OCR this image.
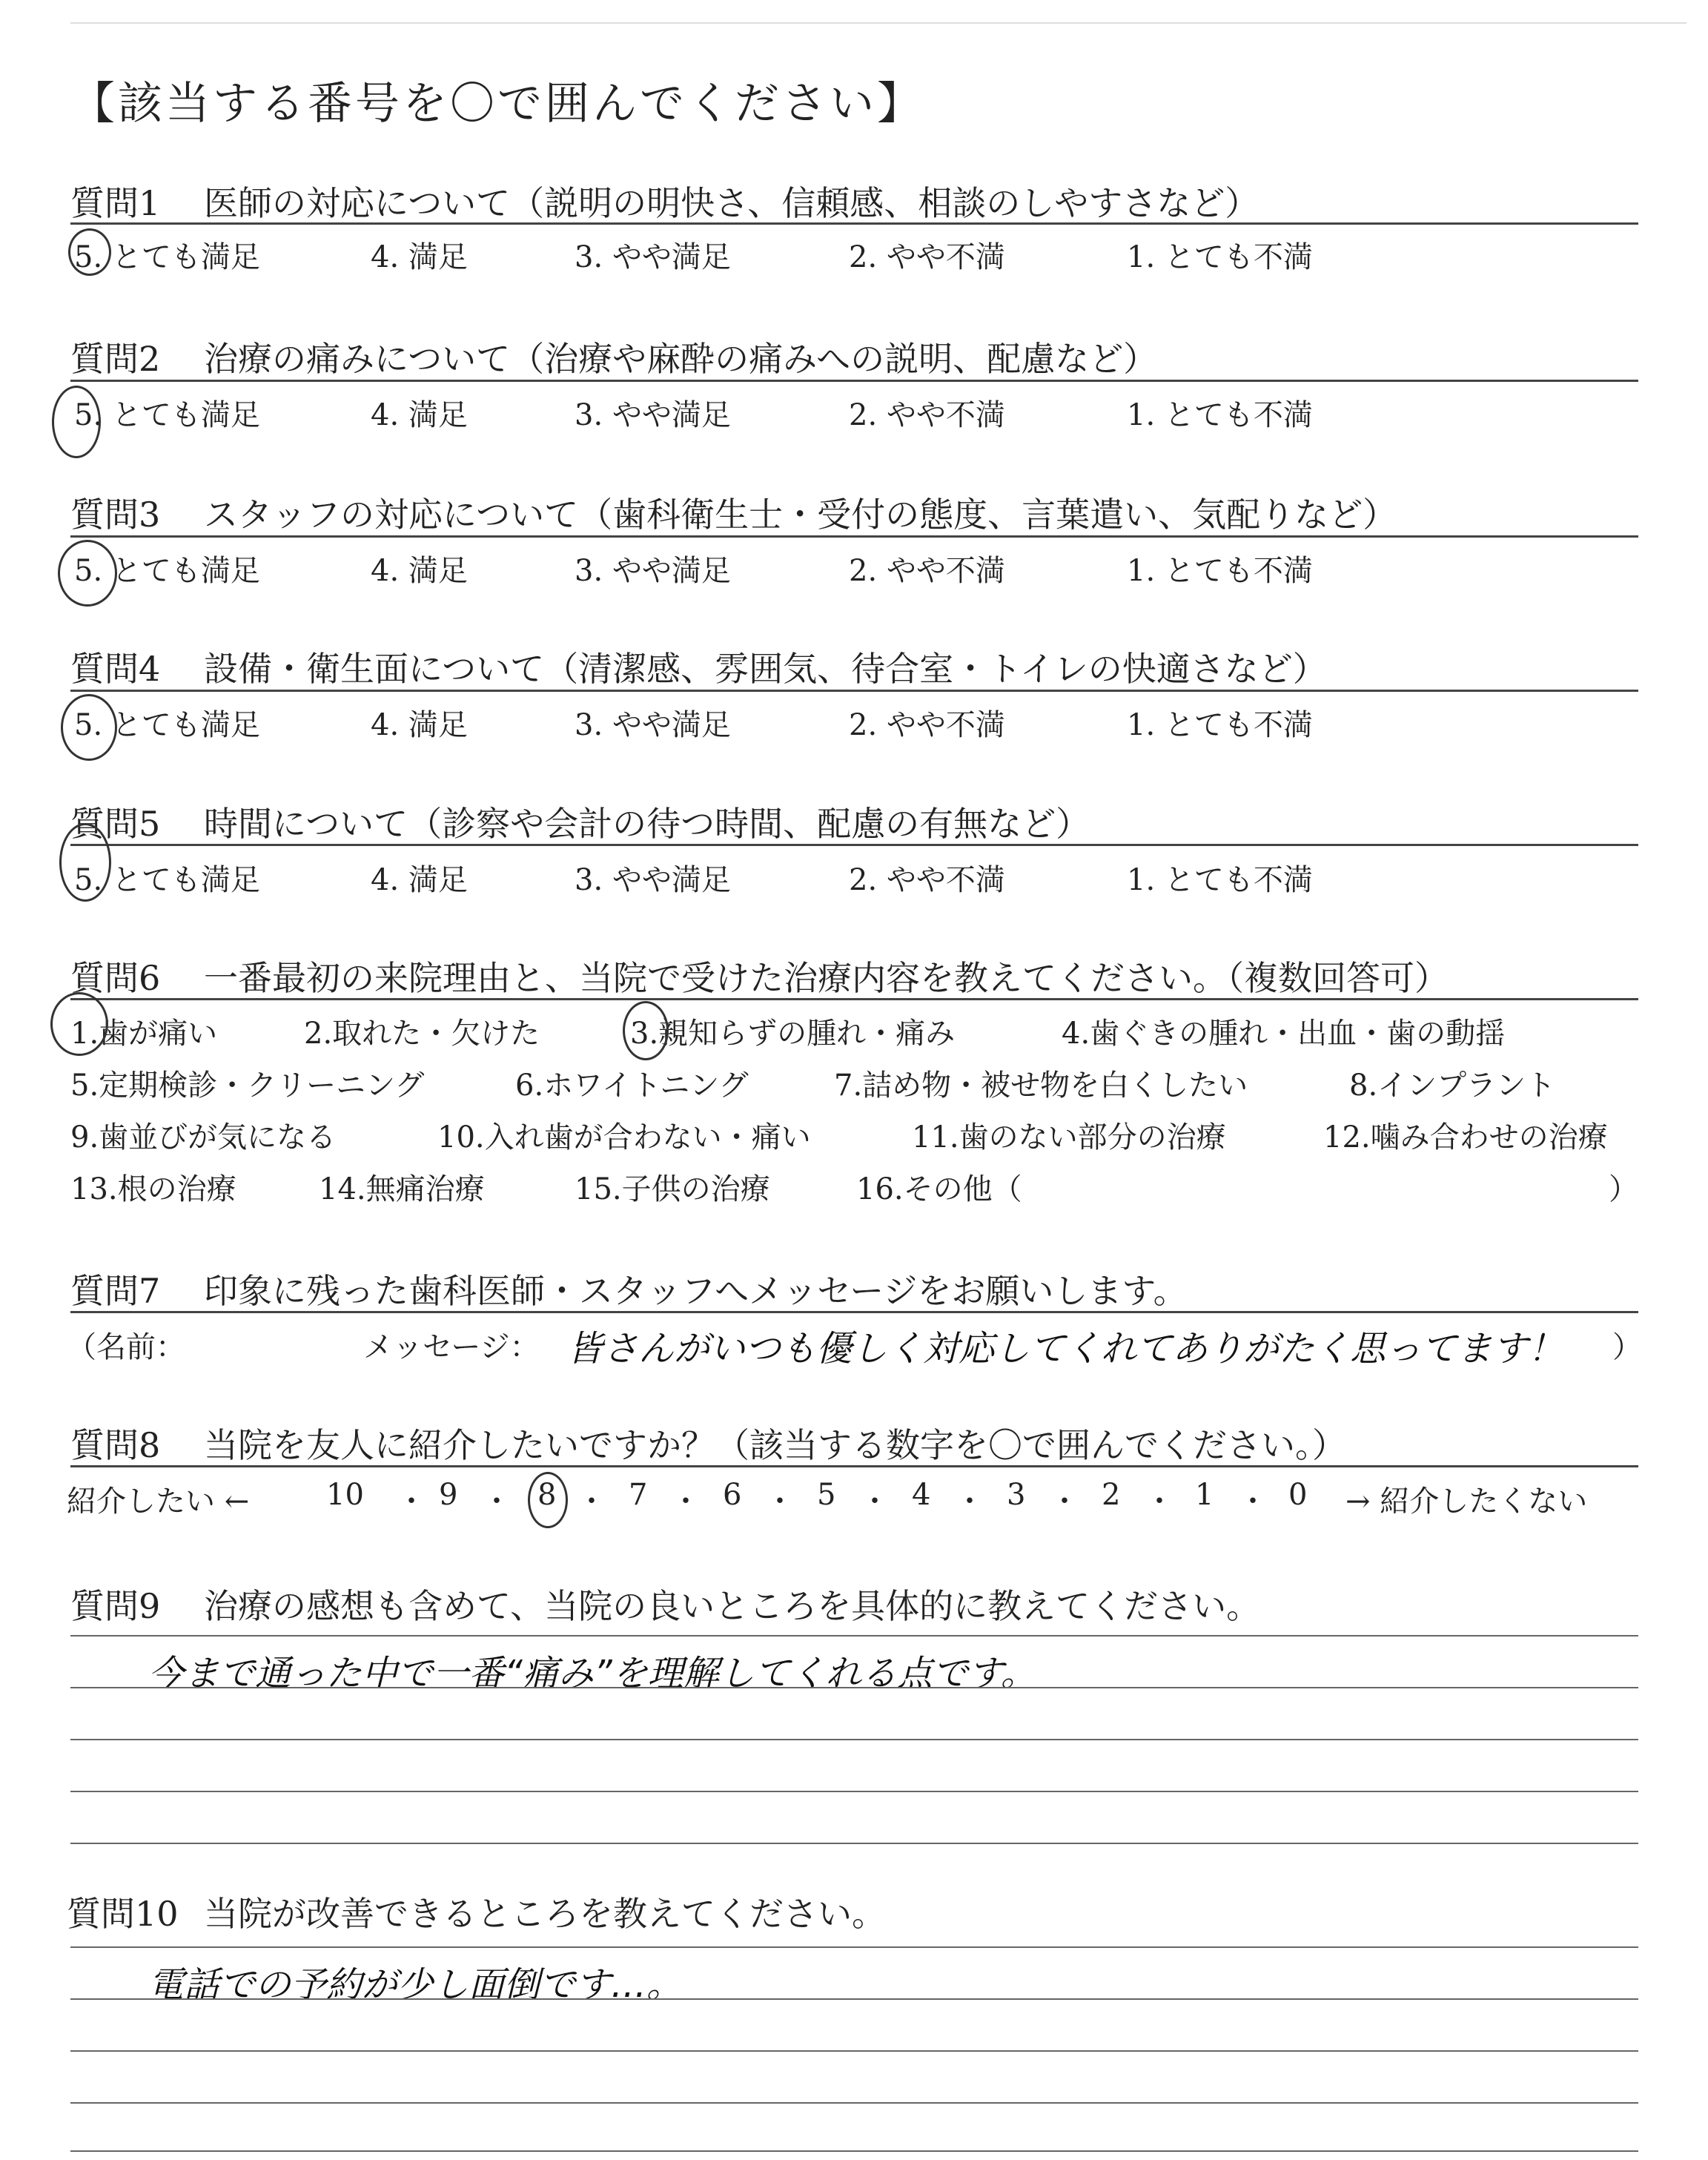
【該当する番号を〇で囲んでください】
質問1 医師の対応について（説明の明快さ、信頼感、相談のしやすさなど）
5. とても満足	4. 満足	3. やや満足	2. やや不満	1. とても不満
質問2 治療の痛みについて（治療や麻酔の痛みへの説明、配慮など）
5. とても満足	4. 満足	3. やや満足	2. やや不満	1. とても不満
質問3 スタッフの対応について（歯科衛生士・受付の態度、言葉遣い、気配りなど）
5. とても満足	4. 満足	3. やや満足	2. やや不満	1. とても不満
質問4 設備・衛生面について（清潔感、雰囲気、待合室・トイレの快適さなど）
5. とても満足	4. 満足	3. やや満足	2. やや不満	1. とても不満
質問5 時間について（診察や会計の待つ時間、配慮の有無など）
5. とても満足	4. 満足	3. やや満足	2. やや不満	1. とても不満
質問6 一番最初の来院理由と、当院で受けた治療内容を教えてください。（複数回答可）
1.歯が痛い	2.取れた・欠けた	3.親知らずの腫れ・痛み	4.歯ぐきの腫れ・出血・歯の動揺
5.定期検診・クリーニング	6.ホワイトニング	7.詰め物・被せ物を白くしたい	8.インプラント
9.歯並びが気になる	10.入れ歯が合わない・痛い	11.歯のない部分の治療	12.噛み合わせの治療
13.根の治療	14.無痛治療	15.子供の治療	16.その他（	）
質問7 印象に残った歯科医師・スタッフへメッセージをお願いします。
（名前：	メッセージ： 皆さんがいつも優しく対応してくれてありがたく思ってます！ ）
質問8 当院を友人に紹介したいですか？（該当する数字を〇で囲んでください。）
紹介したい ←	→ 紹介したくない
10 ・ 9 ・ 8 ・ 7 ・ 6 ・ 5 ・ 4 ・ 3 ・ 2 ・ 1 ・ 0
質問9 治療の感想も含めて、当院の良いところを具体的に教えてください。
今まで通った中で一番“痛み”を理解してくれる点です。
質問10 当院が改善できるところを教えてください。
電話での予約が少し面倒です…。
